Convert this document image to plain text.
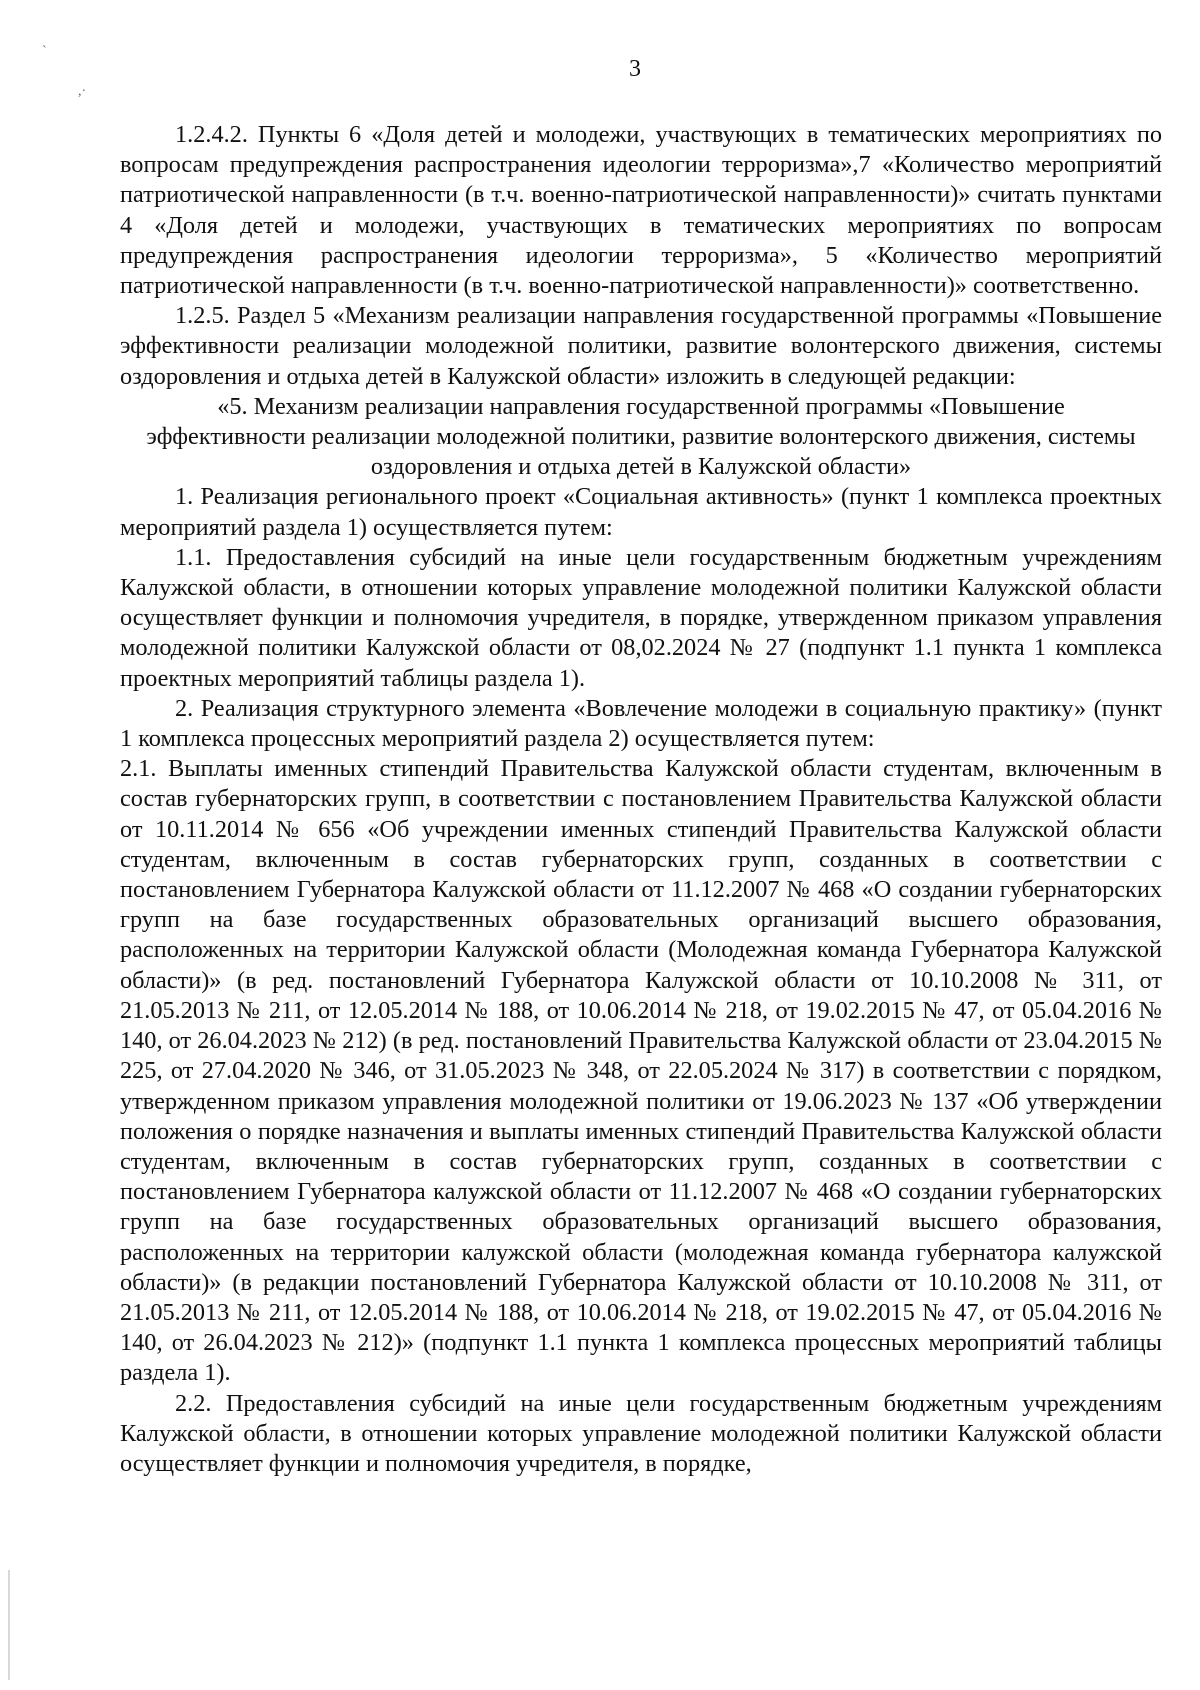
ˋ
,·
3

1.2.4.2. Пункты 6 «Доля детей и молодежи, участвующих в тематических мероприятиях по вопросам предупреждения распространения идеологии терроризма»,7 «Количество мероприятий патриотической направленности (в т.ч. военно-патриотической направленности)» считать пунктами 4 «Доля детей и молодежи, участвующих в тематических мероприятиях по вопросам предупреждения распространения идеологии терроризма», 5 «Количество мероприятий патриотической направленности (в т.ч. военно-патриотической направленности)» соответственно.

1.2.5. Раздел 5 «Механизм реализации направления государственной программы «Повышение эффективности реализации молодежной политики, развитие волонтерского движения, системы оздоровления и отдыха детей в Калужской области» изложить в следующей редакции:

«5. Механизм реализации направления государственной программы «Повышение эффективности реализации молодежной политики, развитие волонтерского движения, системы оздоровления и отдыха детей в Калужской области»

1. Реализация регионального проект «Социальная активность» (пункт 1 комплекса проектных мероприятий раздела 1) осуществляется путем:

1.1. Предоставления субсидий на иные цели государственным бюджетным учреждениям Калужской области, в отношении которых управление молодежной политики Калужской области осуществляет функции и полномочия учредителя, в порядке, утвержденном приказом управления молодежной политики Калужской области от 08,02.2024 № 27 (подпункт 1.1 пункта 1 комплекса проектных мероприятий таблицы раздела 1).

2. Реализация структурного элемента «Вовлечение молодежи в социальную практику» (пункт 1 комплекса процессных мероприятий раздела 2) осуществляется путем:

2.1. Выплаты именных стипендий Правительства Калужской области студентам, включенным в состав губернаторских групп, в соответствии с постановлением Правительства Калужской области от 10.11.2014 № 656 «Об учреждении именных стипендий Правительства Калужской области студентам, включенным в состав губернаторских групп, созданных в соответствии с постановлением Губернатора Калужской области от 11.12.2007 № 468 «О создании губернаторских групп на базе государственных образовательных организаций высшего образования, расположенных на территории Калужской области (Молодежная команда Губернатора Калужской области)» (в ред. постановлений Губернатора Калужской области от 10.10.2008 № 311, от 21.05.2013 № 211, от 12.05.2014 № 188, от 10.06.2014 № 218, от 19.02.2015 № 47, от 05.04.2016 № 140, от 26.04.2023 № 212) (в ред. постановлений Правительства Калужской области от 23.04.2015 № 225, от 27.04.2020 № 346, от 31.05.2023 № 348, от 22.05.2024 № 317) в соответствии с порядком, утвержденном приказом управления молодежной политики от 19.06.2023 № 137 «Об утверждении положения о порядке назначения и выплаты именных стипендий Правительства Калужской области студентам, включенным в состав губернаторских групп, созданных в соответствии с постановлением Губернатора калужской области от 11.12.2007 № 468 «О создании губернаторских групп на базе государственных образовательных организаций высшего образования, расположенных на территории калужской области (молодежная команда губернатора калужской области)» (в редакции постановлений Губернатора Калужской области от 10.10.2008 № 311, от 21.05.2013 № 211, от 12.05.2014 № 188, от 10.06.2014 № 218, от 19.02.2015 № 47, от 05.04.2016 № 140, от 26.04.2023 № 212)» (подпункт 1.1 пункта 1 комплекса процессных мероприятий таблицы раздела 1).

2.2. Предоставления субсидий на иные цели государственным бюджетным учреждениям Калужской области, в отношении которых управление молодежной политики Калужской области осуществляет функции и полномочия учредителя, в порядке,
